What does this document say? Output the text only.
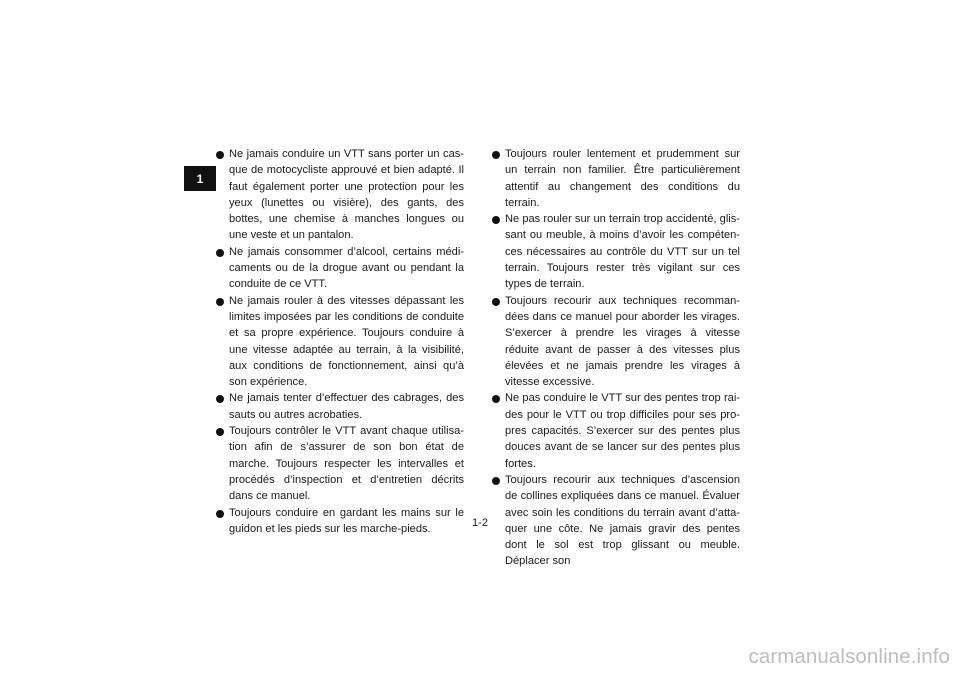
1
Ne jamais conduire un VTT sans porter un casque de motocycliste approuvé et bien adapté. Il faut également porter une protection pour les yeux (lunettes ou visière), des gants, des bottes, une chemise à manches longues ou une veste et un pantalon.
Ne jamais consommer d’alcool, certains médicaments ou de la drogue avant ou pendant la conduite de ce VTT.
Ne jamais rouler à des vitesses dépassant les limites imposées par les conditions de conduite et sa propre expérience. Toujours conduire à une vitesse adaptée au terrain, à la visibilité, aux conditions de fonctionnement, ainsi qu’à son expérience.
Ne jamais tenter d’effectuer des cabrages, des sauts ou autres acrobaties.
Toujours contrôler le VTT avant chaque utilisation afin de s’assurer de son bon état de marche. Toujours respecter les intervalles et procédés d’inspection et d’entretien décrits dans ce manuel.
Toujours conduire en gardant les mains sur le guidon et les pieds sur les marche-pieds.
Toujours rouler lentement et prudemment sur un terrain non familier. Être particulièrement attentif au changement des conditions du terrain.
Ne pas rouler sur un terrain trop accidenté, glissant ou meuble, à moins d’avoir les compétences nécessaires au contrôle du VTT sur un tel terrain. Toujours rester très vigilant sur ces types de terrain.
Toujours recourir aux techniques recommandées dans ce manuel pour aborder les virages. S’exercer à prendre les virages à vitesse réduite avant de passer à des vitesses plus élevées et ne jamais prendre les virages à vitesse excessive.
Ne pas conduire le VTT sur des pentes trop raides pour le VTT ou trop difficiles pour ses propres capacités. S’exercer sur des pentes plus douces avant de se lancer sur des pentes plus fortes.
Toujours recourir aux techniques d’ascension de collines expliquées dans ce manuel. Évaluer avec soin les conditions du terrain avant d’attaquer une côte. Ne jamais gravir des pentes dont le sol est trop glissant ou meuble. Déplacer son
1-2
carmanualsonline.info
